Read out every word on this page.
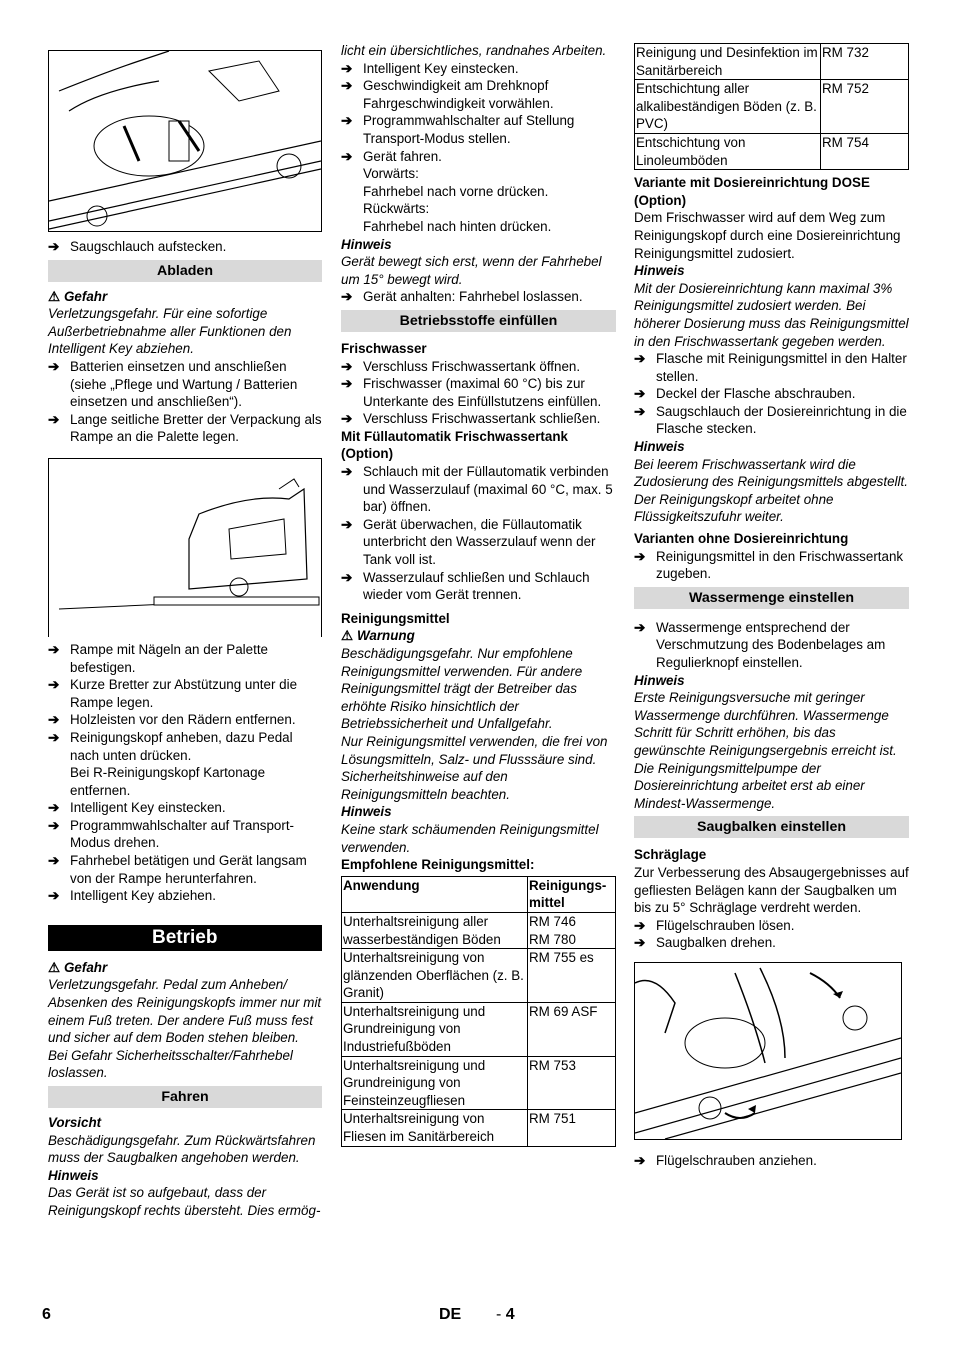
➔ Saugschlauch aufstecken.

Abladen

⚠ Gefahr

Verletzungsgefahr. Für eine sofortige Außerbetriebnahme aller Funktionen den Intelligent Key abziehen.

➔ Batterien einsetzen und anschließen (siehe „Pflege und Wartung / Batterien einsetzen und anschließen“).

➔ Lange seitliche Bretter der Verpackung als Rampe an die Palette legen.

➔ Rampe mit Nägeln an der Palette befestigen.

➔ Kurze Bretter zur Abstützung unter die Rampe legen.

➔ Holzleisten vor den Rädern entfernen.

➔ Reinigungskopf anheben, dazu Pedal nach unten drücken.

Bei R-Reinigungskopf Kartonage entfernen.

➔ Intelligent Key einstecken.

➔ Programmwahlschalter auf Transport-Modus drehen.

➔ Fahrhebel betätigen und Gerät langsam von der Rampe herunterfahren.

➔ Intelligent Key abziehen.

Betrieb

⚠ Gefahr

Verletzungsgefahr. Pedal zum Anheben/ Absenken des Reinigungskopfs immer nur mit einem Fuß treten. Der andere Fuß muss fest und sicher auf dem Boden stehen bleiben.

Bei Gefahr Sicherheitsschalter/Fahrhebel loslassen.

Fahren

Vorsicht

Beschädigungsgefahr. Zum Rückwärtsfahren muss der Saugbalken angehoben werden.

Hinweis

Das Gerät ist so aufgebaut, dass der Reinigungskopf rechts übersteht. Dies ermög-

licht ein übersichtliches, randnahes Arbeiten.

➔ Intelligent Key einstecken.

➔ Geschwindigkeit am Drehknopf Fahrgeschwindigkeit vorwählen.

➔ Programmwahlschalter auf Stellung Transport-Modus stellen.

➔ Gerät fahren.

Vorwärts:

Fahrhebel nach vorne drücken.

Rückwärts:

Fahrhebel nach hinten drücken.

Hinweis

Gerät bewegt sich erst, wenn der Fahrhebel um 15° bewegt wird.

➔ Gerät anhalten: Fahrhebel loslassen.

Betriebsstoffe einfüllen

Frischwasser

➔ Verschluss Frischwassertank öffnen.

➔ Frischwasser (maximal 60 °C) bis zur Unterkante des Einfüllstutzens einfüllen.

➔ Verschluss Frischwassertank schließen.

Mit Füllautomatik Frischwassertank (Option)

➔ Schlauch mit der Füllautomatik verbinden und Wasserzulauf (maximal 60 °C, max. 5 bar) öffnen.

➔ Gerät überwachen, die Füllautomatik unterbricht den Wasserzulauf wenn der Tank voll ist.

➔ Wasserzulauf schließen und Schlauch wieder vom Gerät trennen.

Reinigungsmittel

⚠ Warnung

Beschädigungsgefahr. Nur empfohlene Reinigungsmittel verwenden. Für andere Reinigungsmittel trägt der Betreiber das erhöhte Risiko hinsichtlich der Betriebssicherheit und Unfallgefahr.

Nur Reinigungsmittel verwenden, die frei von Lösungsmitteln, Salz- und Flusssäure sind.

Sicherheitshinweise auf den Reinigungsmitteln beachten.

Hinweis

Keine stark schäumenden Reinigungsmittel verwenden.

Empfohlene Reinigungsmittel:

Anwendung	Reinigungs-mittel
Unterhaltsreinigung aller wasserbeständigen Böden	RM 746
RM 780
Unterhaltsreinigung von glänzenden Oberflächen (z. B. Granit)	RM 755 es
Unterhaltsreinigung und Grundreinigung von Industriefußböden	RM 69 ASF
Unterhaltsreinigung und Grundreinigung von Feinsteinzeugfliesen	RM 753
Unterhaltsreinigung von Fliesen im Sanitärbereich	RM 751
Reinigung und Desinfektion im Sanitärbereich	RM 732
Entschichtung aller alkalibeständigen Böden (z. B. PVC)	RM 752
Entschichtung von Linoleumböden	RM 754

Variante mit Dosiereinrichtung DOSE (Option)

Dem Frischwasser wird auf dem Weg zum Reinigungskopf durch eine Dosiereinrichtung Reinigungsmittel zudosiert.

Hinweis

Mit der Dosiereinrichtung kann maximal 3% Reinigungsmittel zudosiert werden. Bei höherer Dosierung muss das Reinigungsmittel in den Frischwassertank gegeben werden.

➔ Flasche mit Reinigungsmittel in den Halter stellen.

➔ Deckel der Flasche abschrauben.

➔ Saugschlauch der Dosiereinrichtung in die Flasche stecken.

Hinweis

Bei leerem Frischwassertank wird die Zudosierung des Reinigungsmittels abgestellt. Der Reinigungskopf arbeitet ohne Flüssigkeitszufuhr weiter.

Varianten ohne Dosiereinrichtung

➔ Reinigungsmittel in den Frischwassertank zugeben.

Wassermenge einstellen

➔ Wassermenge entsprechend der Verschmutzung des Bodenbelages am Regulierknopf einstellen.

Hinweis

Erste Reinigungsversuche mit geringer Wassermenge durchführen. Wassermenge Schritt für Schritt erhöhen, bis das gewünschte Reinigungsergebnis erreicht ist. Die Reinigungsmittelpumpe der Dosiereinrichtung arbeitet erst ab einer Mindest-Wassermenge.

Saugbalken einstellen

Schräglage

Zur Verbesserung des Absaugergebnisses auf gefliesten Belägen kann der Saugbalken um bis zu 5° Schräglage verdreht werden.

➔ Flügelschrauben lösen.

➔ Saugbalken drehen.

➔ Flügelschrauben anziehen.

6	DE - 4
